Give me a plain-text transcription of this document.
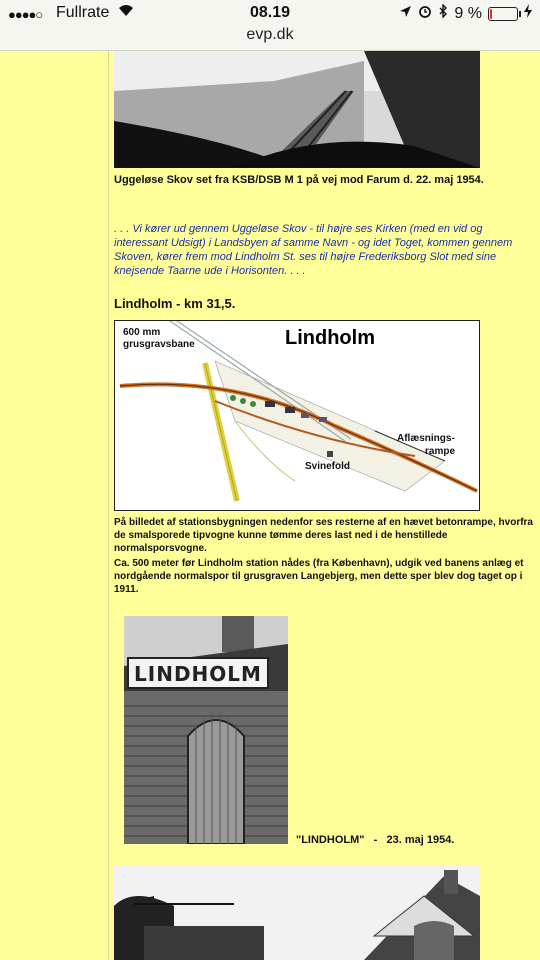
●●●●○ Fullrate	08.19	9 %
evp.dk
Uggeløse Skov set fra KSB/DSB M 1 på vej mod Farum d. 22. maj 1954.
. . . Vi kører ud gennem Uggeløse Skov - til højre ses Kirken (med en vid og interessant Udsigt) i Landsbyen af samme Navn - og idet Toget, kommen gennem Skoven, kører frem mod Lindholm St. ses til højre Frederiksborg Slot med sine knejsende Taarne ude i Horisonten. . . .
Lindholm - km 31,5.
600 mm
grusgravsbane	Lindholm
Aflæsnings-
rampe
Svinefold
På billedet af stationsbygningen nedenfor ses resterne af en hævet betonrampe, hvorfra de smalsporede tipvogne kunne tømme deres last ned i de henstillede normalsporsvogne.
Ca. 500 meter før Lindholm station nådes (fra København), udgik ved banens anlæg et nordgående normalspor til grusgraven Langebjerg, men dette sper blev dog taget op i 1911.
LINDHOLM
"LINDHOLM"   -   23. maj 1954.
